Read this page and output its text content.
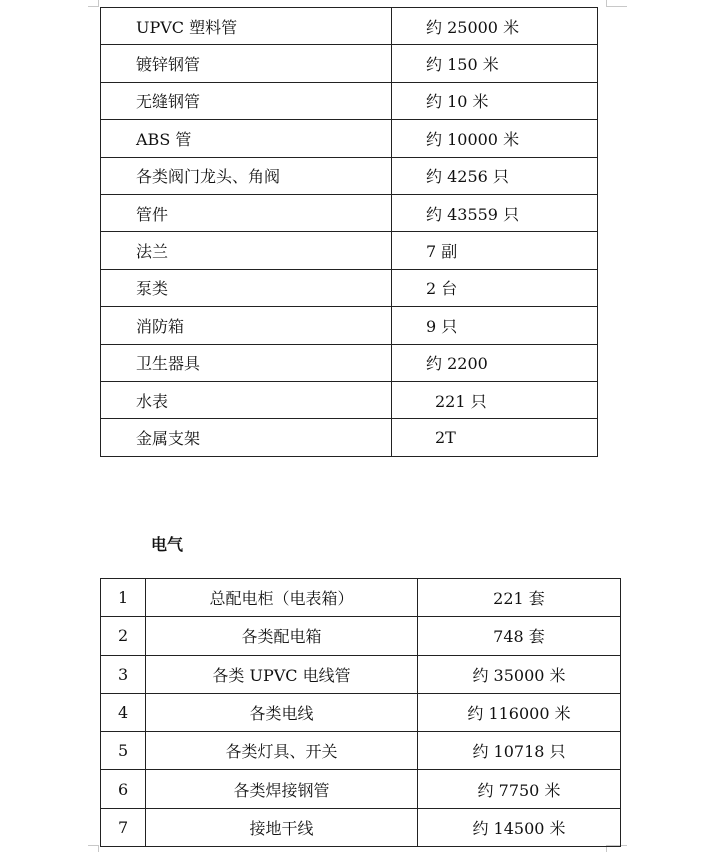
UPVC 塑料管	约 25000 米
镀锌钢管	约 150 米
无缝钢管	约 10 米
ABS 管	约 10000 米
各类阀门龙头、角阀	约 4256 只
管件	约 43559 只
法兰	7 副
泵类	2 台
消防箱	9 只
卫生器具	约 2200
水表	221 只
金属支架	2T
电气
1	总配电柜（电表箱）	221 套
2	各类配电箱	748 套
3	各类 UPVC 电线管	约 35000 米
4	各类电线	约 116000 米
5	各类灯具、开关	约 10718 只
6	各类焊接钢管	约 7750 米
7	接地干线	约 14500 米
